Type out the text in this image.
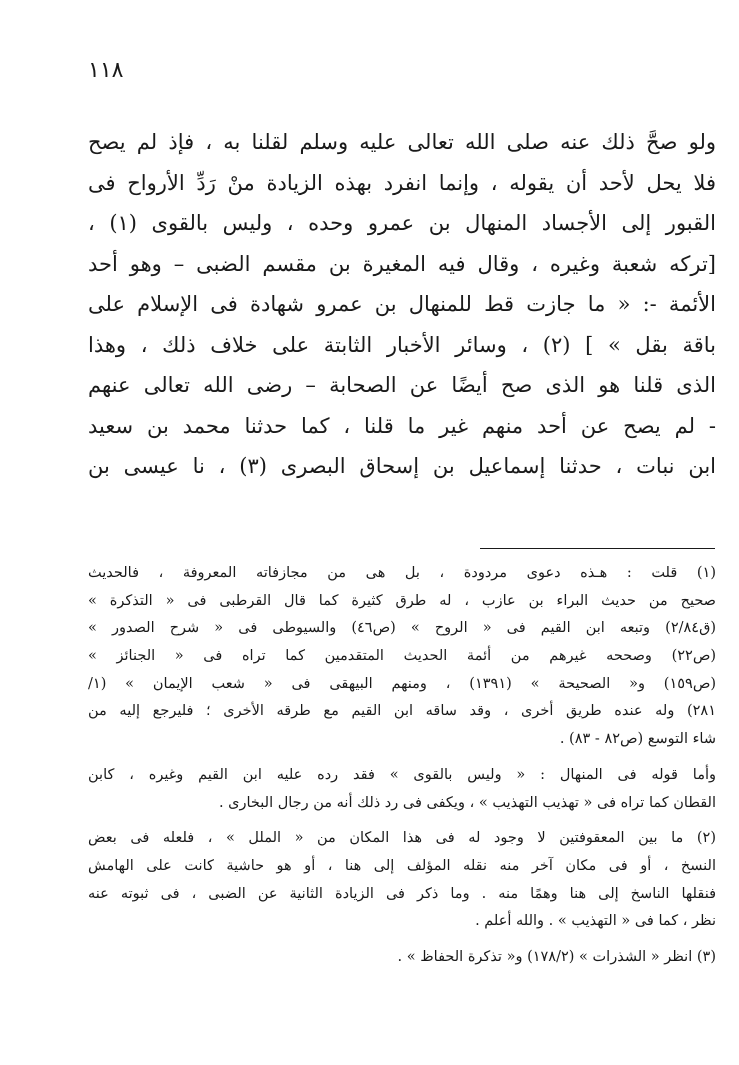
١١٨
ولو صحَّ ذلك عنه صلى الله تعالى عليه وسلم لقلنا به ، فإذ لم يصح
فلا يحل لأحد أن يقوله ، وإنما انفرد بهذه الزيادة منْ رَدِّ الأرواح فى
القبور إلى الأجساد المنهال بن عمرو وحده ، وليس بالقوى (١) ،
[تركه شعبة وغيره ، وقال فيه المغيرة بن مقسم الضبى – وهو أحد
الأئمة -: « ما جازت قط للمنهال بن عمرو شهادة فى الإسلام على
باقة بقل » ] (٢) ، وسائر الأخبار الثابتة على خلاف ذلك ، وهذا
الذى قلنا هو الذى صح أيضًا عن الصحابة – رضى الله تعالى عنهم
- لم يصح عن أحد منهم غير ما قلنا ، كما حدثنا محمد بن سعيد
ابن نبات ، حدثنا إسماعيل بن إسحاق البصرى (٣) ، نا عيسى بن
(١) قلت : هـذه دعوى مردودة ، بل هى من مجازفاته المعروفة ، فالحديث
صحيح من حديث البراء بن عازب ، له طرق كثيرة كما قال القرطبى فى « التذكرة »
(ق٢/٨٤) وتبعه ابن القيم فى « الروح » (ص٤٦) والسيوطى فى « شرح الصدور »
(ص٢٢) وصححه غيرهم من أئمة الحديث المتقدمين كما تراه فى « الجنائز »
(ص١٥٩) و« الصحيحة » (١٣٩١) ، ومنهم البيهقى فى « شعب الإيمان » (١/
٢٨١) وله عنده طريق أخرى ، وقد ساقه ابن القيم مع طرقه الأخرى ؛ فليرجع إليه من
شاء التوسع (ص٨٢ - ٨٣) .
وأما قوله فى المنهال : « وليس بالقوى » فقد رده عليه ابن القيم وغيره ، كابن
القطان كما تراه فى « تهذيب التهذيب » ، ويكفى فى رد ذلك أنه من رجال البخارى .
(٢) ما بين المعقوفتين لا وجود له فى هذا المكان من « الملل » ، فلعله فى بعض
النسخ ، أو فى مكان آخر منه نقله المؤلف إلى هنا ، أو هو حاشية كانت على الهامش
فنقلها الناسخ إلى هنا وهمًا منه . وما ذكر فى الزيادة الثانية عن الضبى ، فى ثبوته عنه
نظر ، كما فى « التهذيب » . والله أعلم .
(٣) انظر « الشذرات » (١٧٨/٢) و« تذكرة الحفاظ » .
